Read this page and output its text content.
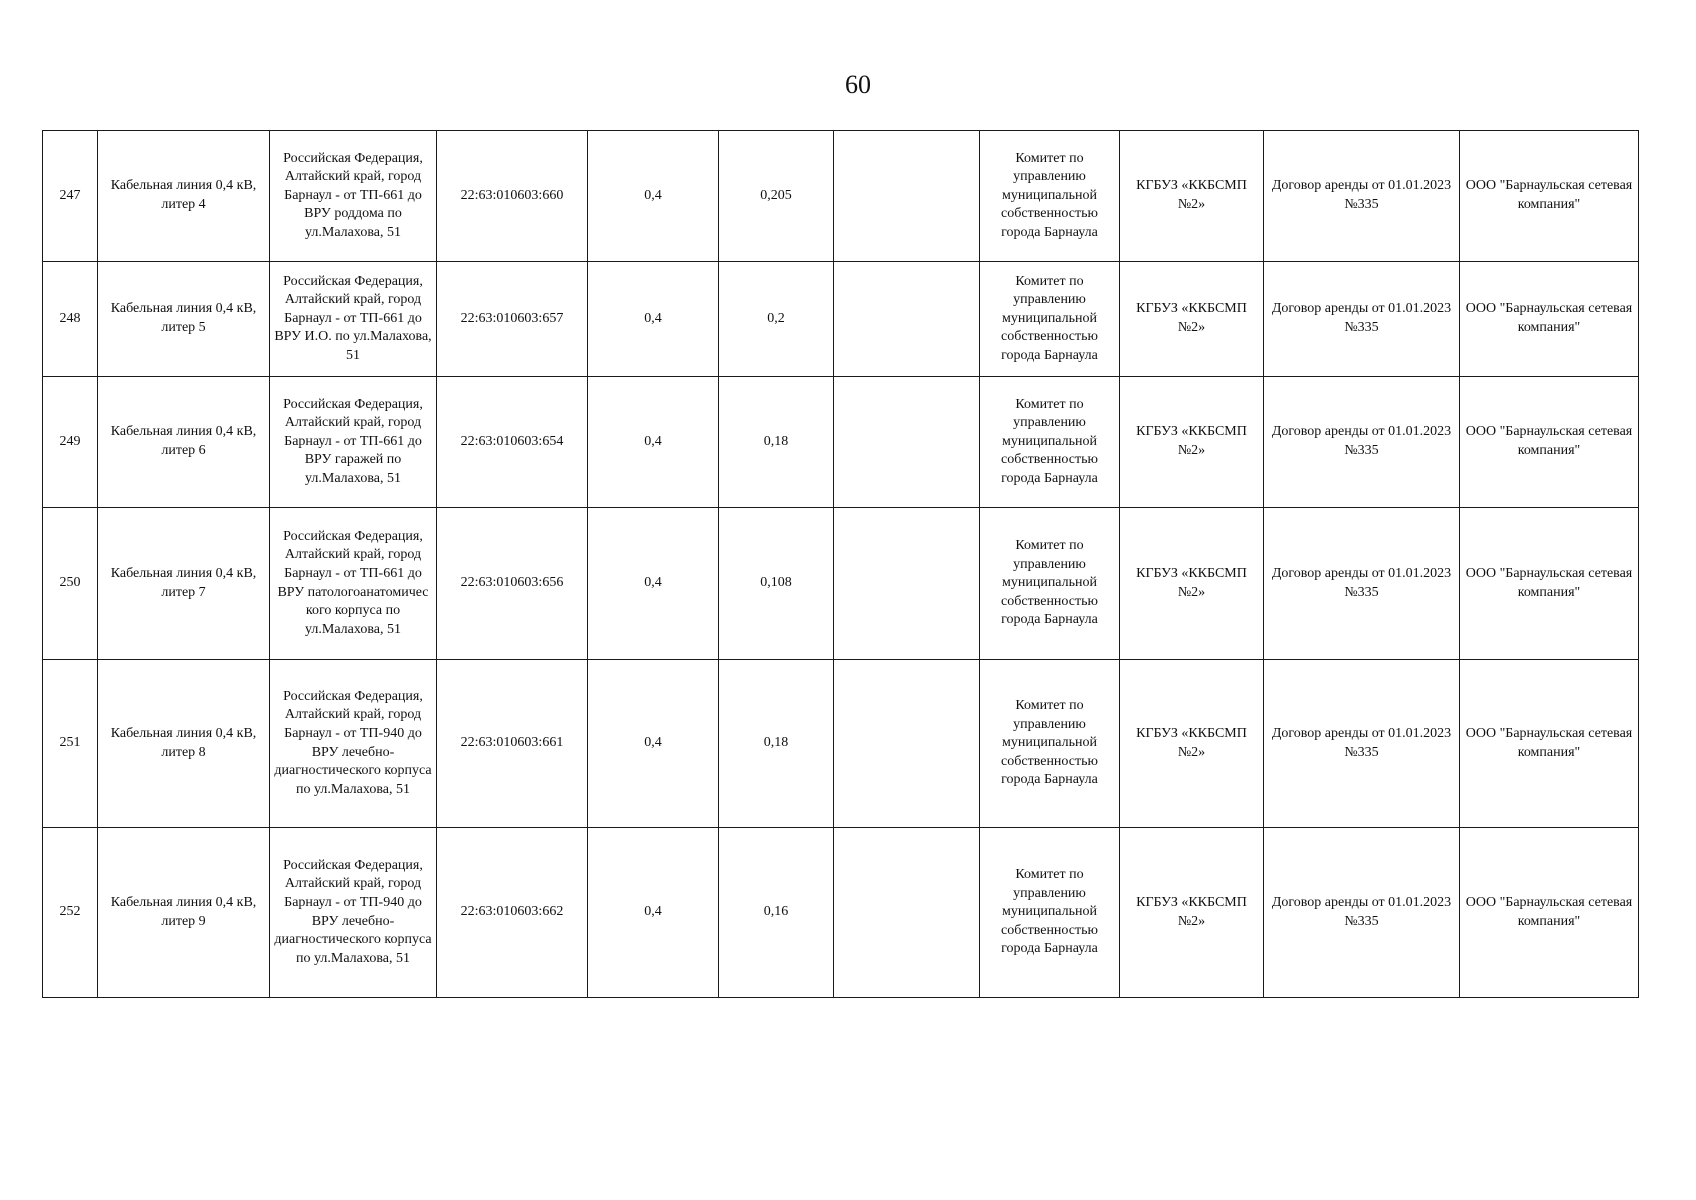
60
247	Кабельная линия 0,4 кВ, литер 4	Российская Федерация, Алтайский край, город Барнаул - от ТП-661 до ВРУ роддома по ул.Малахова, 51	22:63:010603:660	0,4	0,205		Комитет по управлению муниципальной собственностью города Барнаула	КГБУЗ «ККБСМП №2»	Договор аренды от 01.01.2023 №335	ООО "Барнаульская сетевая компания"
248	Кабельная линия 0,4 кВ, литер 5	Российская Федерация, Алтайский край, город Барнаул - от ТП-661 до ВРУ И.О. по ул.Малахова, 51	22:63:010603:657	0,4	0,2		Комитет по управлению муниципальной собственностью города Барнаула	КГБУЗ «ККБСМП №2»	Договор аренды от 01.01.2023 №335	ООО "Барнаульская сетевая компания"
249	Кабельная линия 0,4 кВ, литер 6	Российская Федерация, Алтайский край, город Барнаул - от ТП-661 до ВРУ гаражей по ул.Малахова, 51	22:63:010603:654	0,4	0,18		Комитет по управлению муниципальной собственностью города Барнаула	КГБУЗ «ККБСМП №2»	Договор аренды от 01.01.2023 №335	ООО "Барнаульская сетевая компания"
250	Кабельная линия 0,4 кВ, литер 7	Российская Федерация, Алтайский край, город Барнаул - от ТП-661 до ВРУ патологоанатомичес кого корпуса по ул.Малахова, 51	22:63:010603:656	0,4	0,108		Комитет по управлению муниципальной собственностью города Барнаула	КГБУЗ «ККБСМП №2»	Договор аренды от 01.01.2023 №335	ООО "Барнаульская сетевая компания"
251	Кабельная линия 0,4 кВ, литер 8	Российская Федерация, Алтайский край, город Барнаул - от ТП-940 до ВРУ лечебно-диагностического корпуса по ул.Малахова, 51	22:63:010603:661	0,4	0,18		Комитет по управлению муниципальной собственностью города Барнаула	КГБУЗ «ККБСМП №2»	Договор аренды от 01.01.2023 №335	ООО "Барнаульская сетевая компания"
252	Кабельная линия 0,4 кВ, литер 9	Российская Федерация, Алтайский край, город Барнаул - от ТП-940 до ВРУ лечебно-диагностического корпуса по ул.Малахова, 51	22:63:010603:662	0,4	0,16		Комитет по управлению муниципальной собственностью города Барнаула	КГБУЗ «ККБСМП №2»	Договор аренды от 01.01.2023 №335	ООО "Барнаульская сетевая компания"
